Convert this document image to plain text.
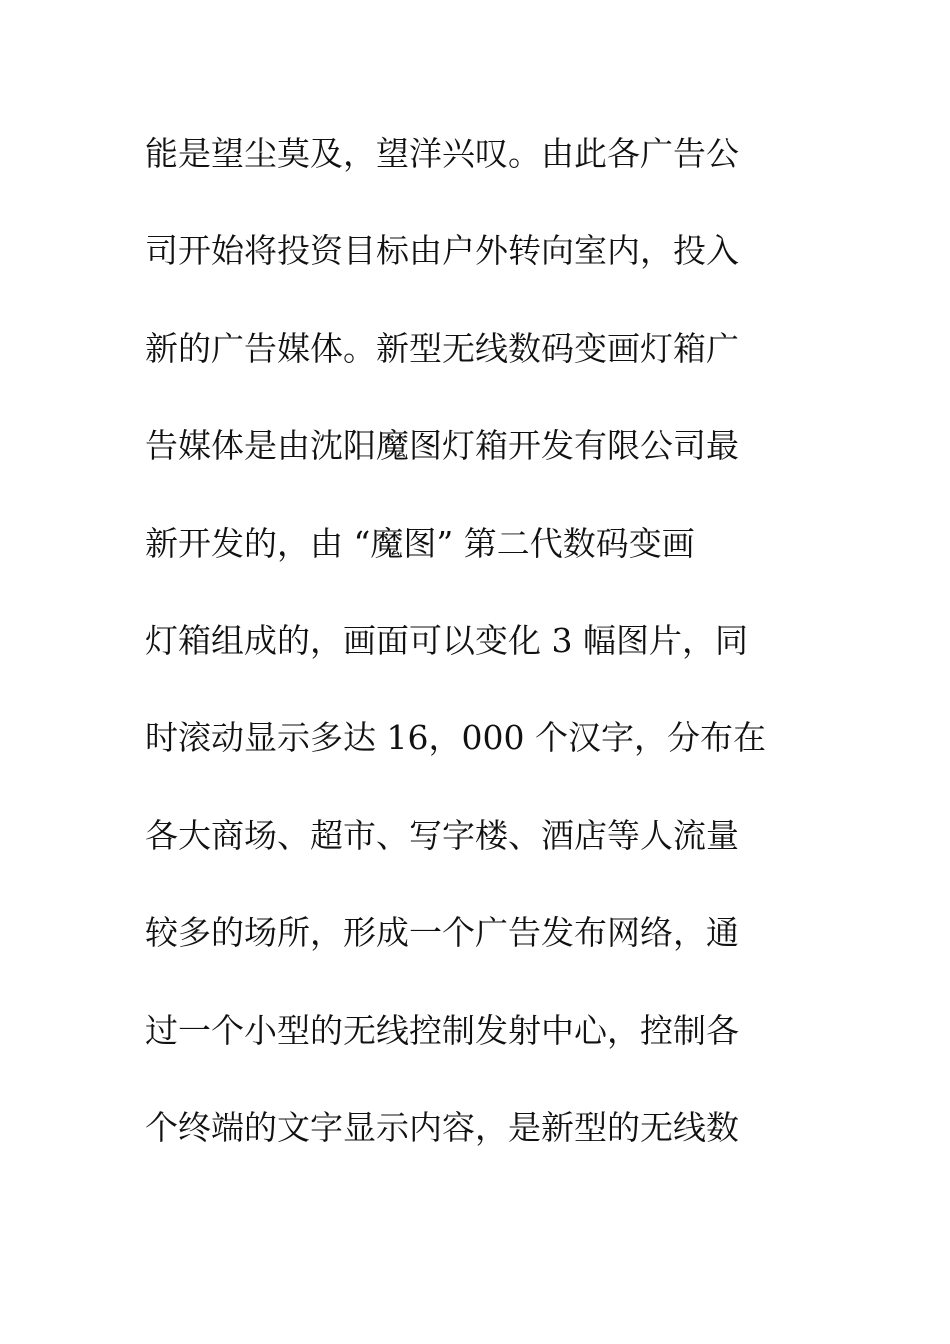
能是望尘莫及，望洋兴叹。由此各广告公
司开始将投资目标由户外转向室内，投入
新的广告媒体。新型无线数码变画灯箱广
告媒体是由沈阳魔图灯箱开发有限公司最
新开发的，由 “魔图” 第二代数码变画
灯箱组成的，画面可以变化 3 幅图片，同
时滚动显示多达 16，000 个汉字，分布在
各大商场、超市、写字楼、酒店等人流量
较多的场所，形成一个广告发布网络，通
过一个小型的无线控制发射中心，控制各
个终端的文字显示内容，是新型的无线数
